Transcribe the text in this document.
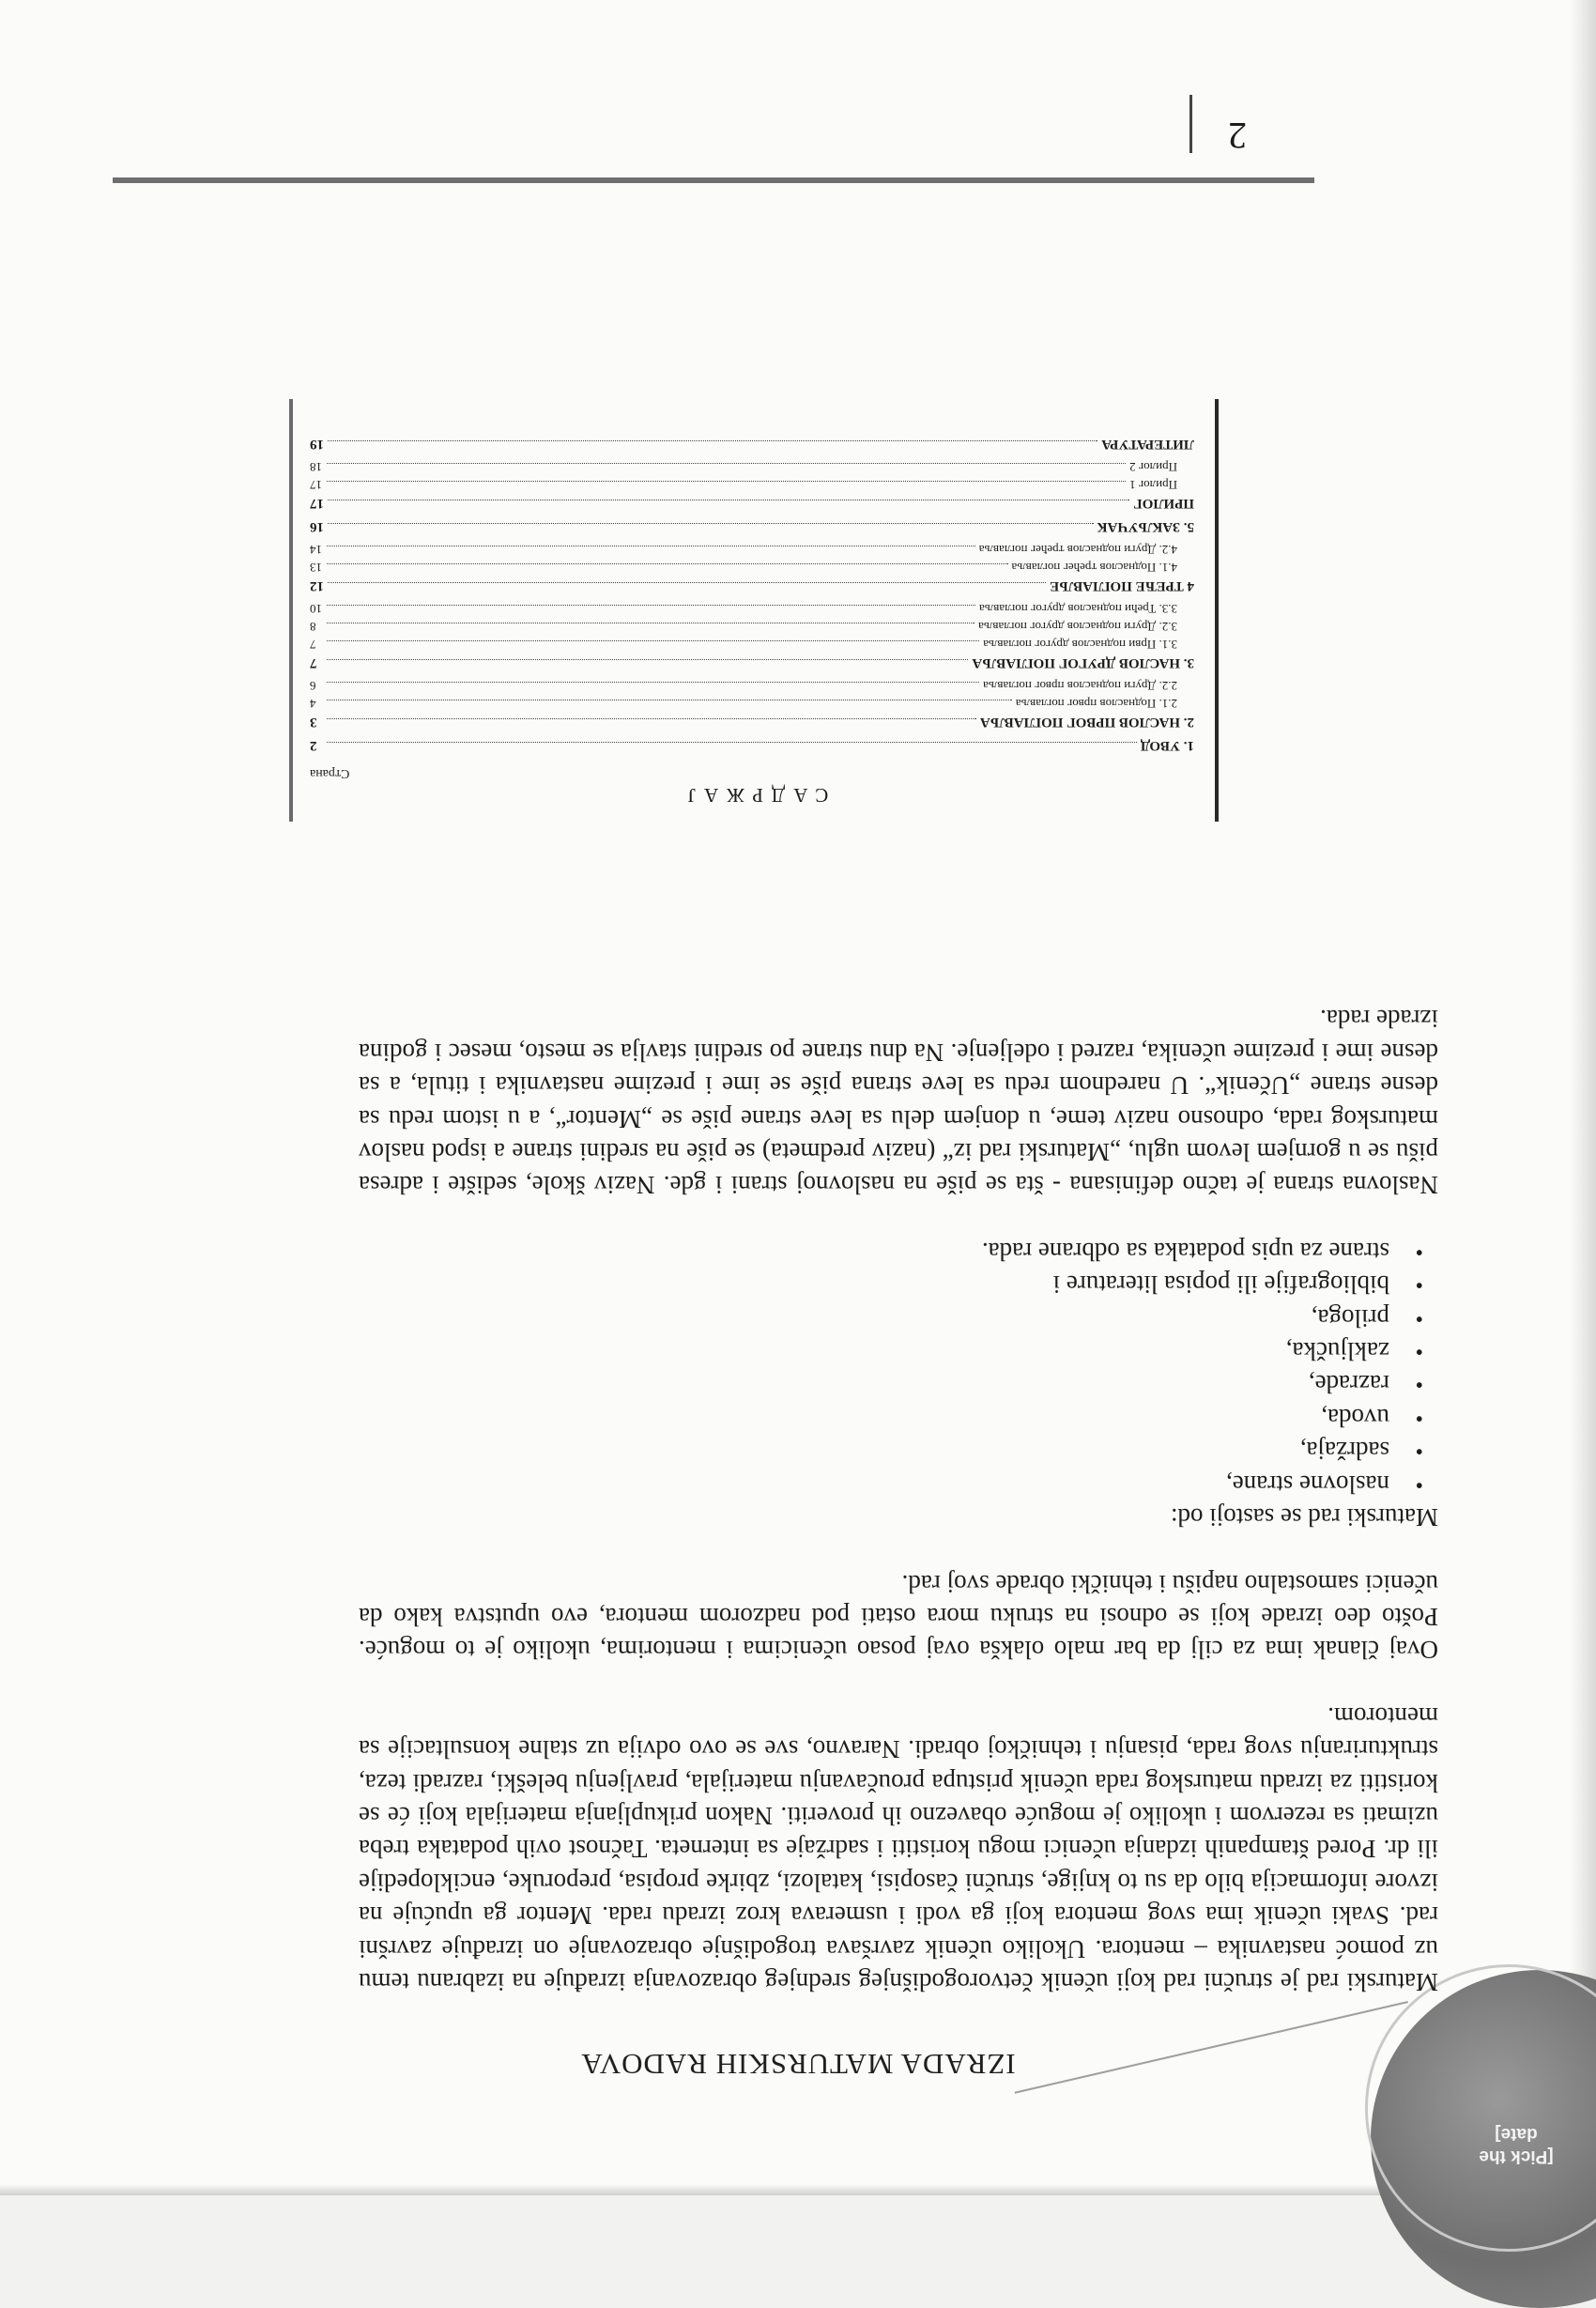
[Pick the date]
IZRADA MATURSKIH RADOVA

Maturski rad je stručni rad koji učenik četvorogodišnjeg srednjeg obrazovanja izrađuje na izabranu temu uz pomoć nastavnika – mentora. Ukoliko učenik završava trogodišnje obrazovanje on izrađuje završni rad. Svaki učenik ima svog mentora koji ga vodi i usmerava kroz izradu rada. Mentor ga upućuje na izvore informacija bilo da su to knjige, stručni časopisi, katalozi, zbirke propisa, preporuke, enciklopedije ili dr. Pored štampanih izdanja učenici mogu koristiti i sadržaje sa interneta. Tačnost ovih podataka treba uzimati sa rezervom i ukoliko je moguće obavezno ih proveriti. Nakon prikupljanja materijala koji će se koristiti za izradu maturskog rada učenik pristupa proučavanju materijala, pravljenju beleški, razradi teza, strukturiranju svog rada, pisanju i tehničkoj obradi. Naravno, sve se ovo odvija uz stalne konsultacije sa mentorom.

Ovaj članak ima za cilj da bar malo olakša ovaj posao učenicima i mentorima, ukoliko je to moguće. Pošto deo izrade koji se odnosi na struku mora ostati pod nadzorom mentora, evo uputstva kako da učenici samostalno napišu i tehnički obrade svoj rad.

Maturski rad se sastoji od:

• naslovne strane,
• sadržaja,
• uvoda,
• razrade,
• zaključka,
• priloga,
• bibliografije ili popisa literature i
• strane za upis podataka sa odbrane rada.

Naslovna strana je tačno definisana - šta se piše na naslovnoj strani i gde. Naziv škole, sedište i adresa pišu se u gornjem levom uglu, „Maturski rad iz“ (naziv predmeta) se piše na sredini strane a ispod naslov maturskog rada, odnosno naziv teme, u donjem delu sa leve strane piše se „Mentor“, a u istom redu sa desne strane „Učenik“. U narednom redu sa leve strana piše se ime i prezime nastavnika i titula, a sa desne ime i prezime učenika, razred i odeljenje. Na dnu strane po sredini stavlja se mesto, mesec i godina izrade rada.

САДРЖАЈ
Страна
1. УВОД
2
2. НАСЛОВ ПРВОГ ПОГЛАВЉА
3
2.1. Поднаслов првог поглавља
4
2.2. Други поднаслов првог поглавља
6
3. НАСЛОВ ДРУГОГ ПОГЛАВЉА
7
3.1. Први поднаслов другог поглавља
7
3.2. Други поднаслов другог поглавља
8
3.3. Трећи поднаслов другог поглавља
10
4 ТРЕЋЕ ПОГЛАВЉЕ
12
4.1. Поднаслов трећег поглавља
13
4.2. Други поднаслов трећег поглавља
14
5. ЗАКЉУЧАК
16
ПРИЛОГ
17
Прилог 1
17
Прилог 2
18
ЛИТЕРАТУРА
19
2
